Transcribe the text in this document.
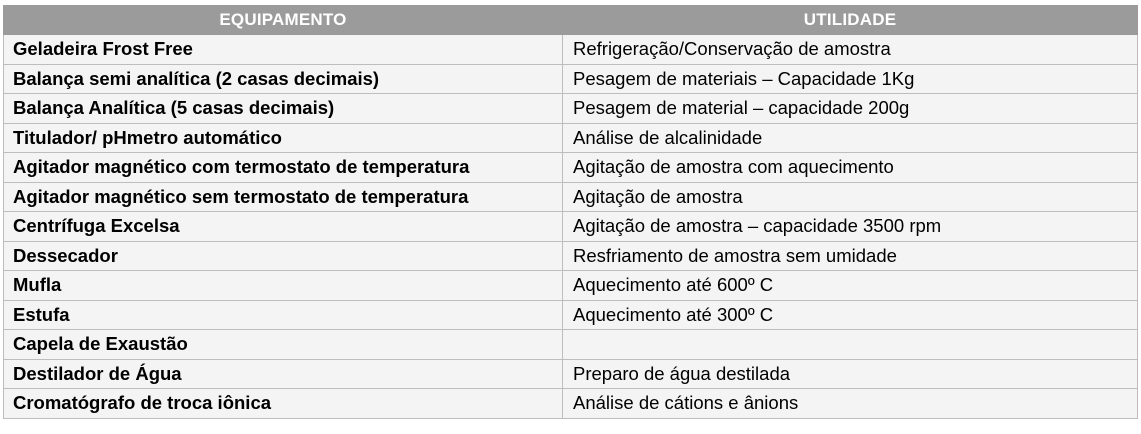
EQUIPAMENTO	UTILIDADE
Geladeira Frost Free	Refrigeração/Conservação de amostra
Balança semi analítica (2 casas decimais)	Pesagem de materiais – Capacidade 1Kg
Balança Analítica (5 casas decimais)	Pesagem de material – capacidade 200g
Titulador/ pHmetro automático	Análise de alcalinidade
Agitador magnético com termostato de temperatura	Agitação de amostra com aquecimento
Agitador magnético sem termostato de temperatura	Agitação de amostra
Centrífuga Excelsa	Agitação de amostra – capacidade 3500 rpm
Dessecador	Resfriamento de amostra sem umidade
Mufla	Aquecimento até 600º C
Estufa	Aquecimento até 300º C
Capela de Exaustão	
Destilador de Água	Preparo de água destilada
Cromatógrafo de troca iônica	Análise de cátions e ânions
